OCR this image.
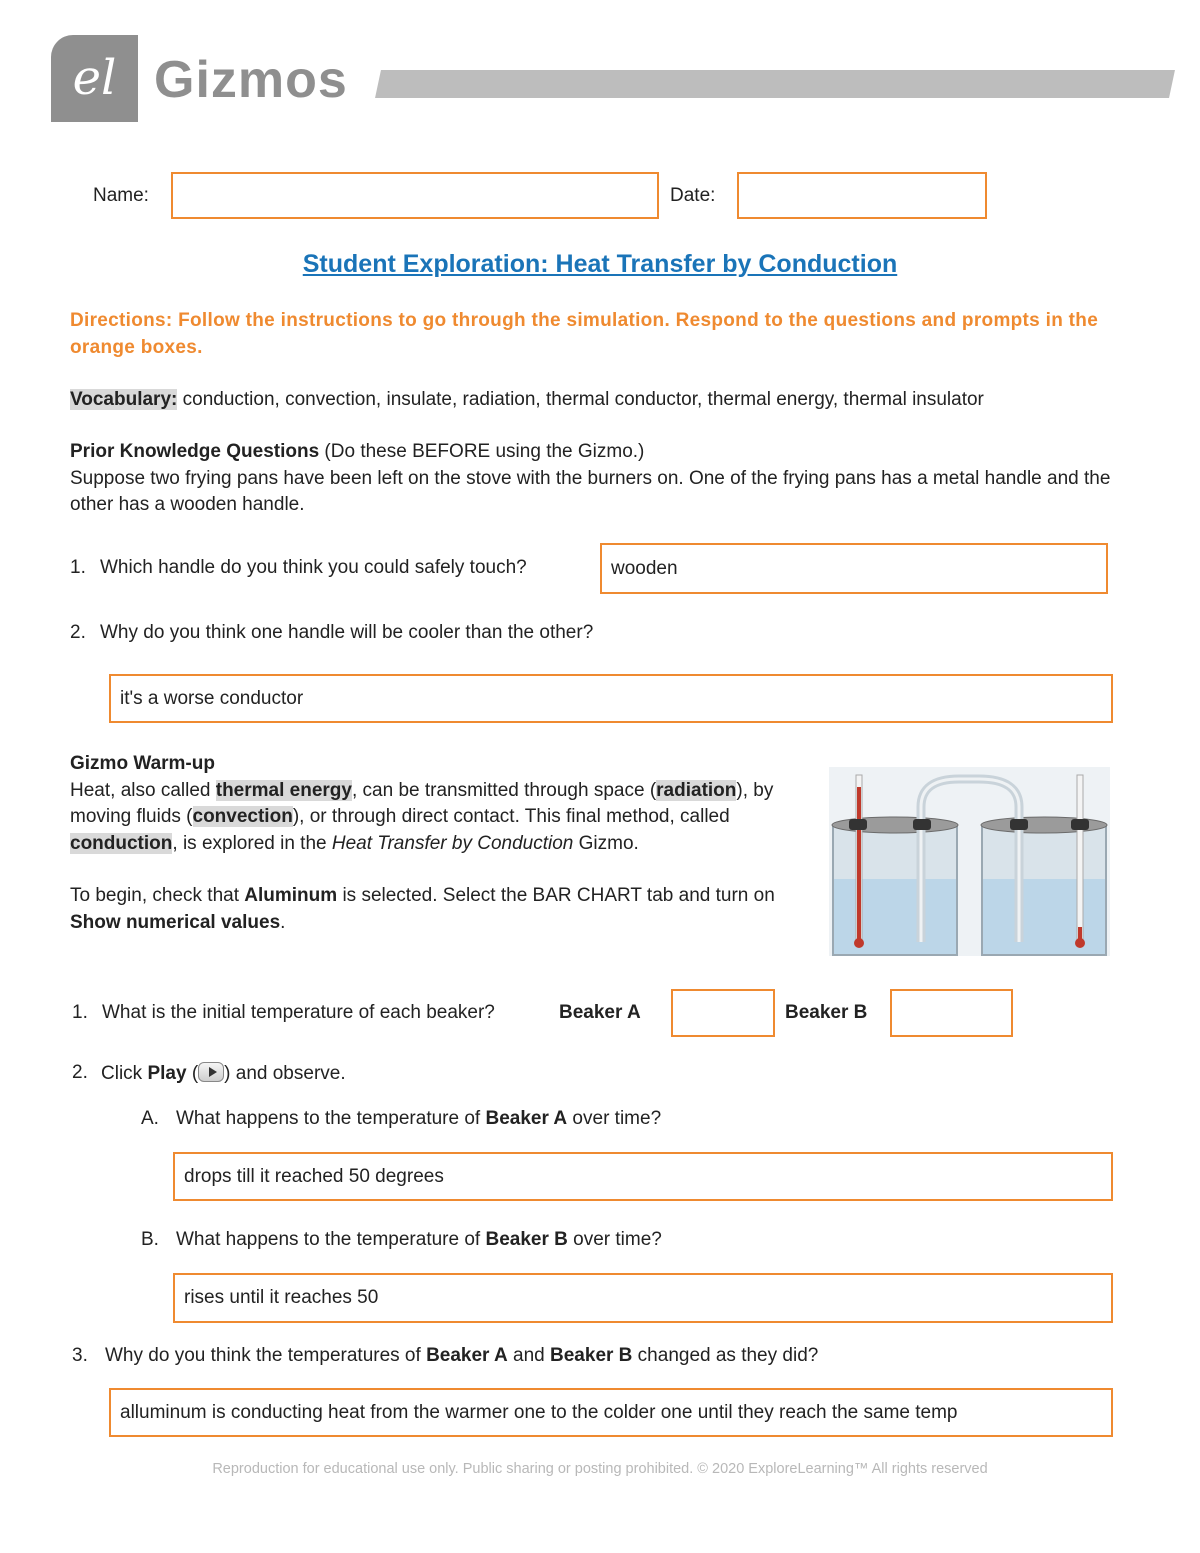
el Gizmos
Name:	Date:
Student Exploration: Heat Transfer by Conduction
Directions: Follow the instructions to go through the simulation. Respond to the questions and prompts in the orange boxes.
Vocabulary: conduction, convection, insulate, radiation, thermal conductor, thermal energy, thermal insulator
Prior Knowledge Questions (Do these BEFORE using the Gizmo.)
Suppose two frying pans have been left on the stove with the burners on. One of the frying pans has a metal handle and the other has a wooden handle.
1. Which handle do you think you could safely touch?	wooden
2. Why do you think one handle will be cooler than the other?
it's a worse conductor
Gizmo Warm-up
Heat, also called thermal energy, can be transmitted through space (radiation), by moving fluids (convection), or through direct contact. This final method, called conduction, is explored in the Heat Transfer by Conduction Gizmo.
To begin, check that Aluminum is selected. Select the BAR CHART tab and turn on Show numerical values.
1. What is the initial temperature of each beaker?	Beaker A	Beaker B
2. Click Play ( ) and observe.
A. What happens to the temperature of Beaker A over time?
drops till it reached 50 degrees
B. What happens to the temperature of Beaker B over time?
rises until it reaches 50
3. Why do you think the temperatures of Beaker A and Beaker B changed as they did?
alluminum is conducting heat from the warmer one to the colder one until they reach the same temp
Reproduction for educational use only. Public sharing or posting prohibited. © 2020 ExploreLearning™ All rights reserved
